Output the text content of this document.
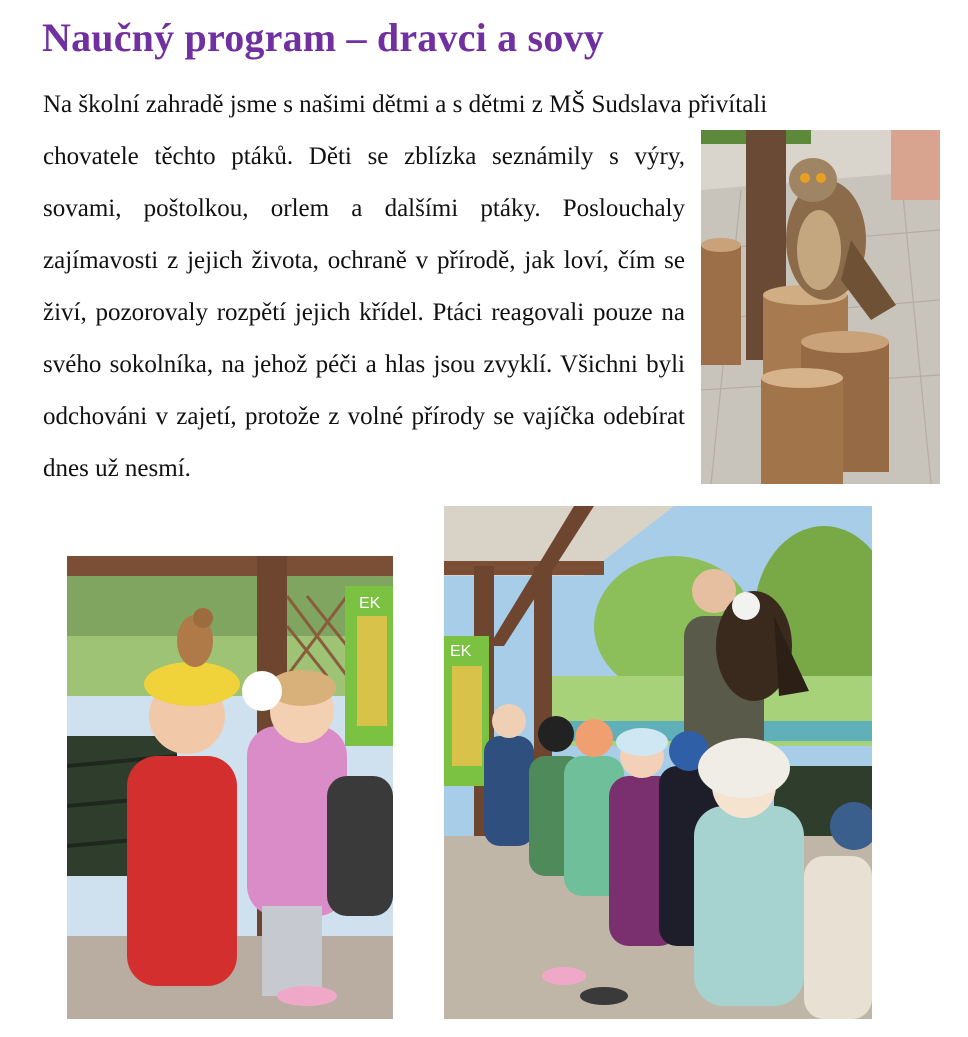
Naučný program – dravci a sovy
Na školní zahradě jsme s našimi dětmi a s dětmi z MŠ Sudslava přivítali
chovatele těchto ptáků. Děti se zblízka seznámily s výry, sovami, poštolkou, orlem a dalšími ptáky. Poslouchaly zajímavosti z jejich života, ochraně v přírodě, jak loví, čím se živí, pozorovaly rozpětí jejich křídel. Ptáci reagovali pouze na svého sokolníka, na jehož péči a hlas jsou zvyklí. Všichni byli odchováni v zajetí, protože z volné přírody se vajíčka odebírat dnes už nesmí.
EK
EK
